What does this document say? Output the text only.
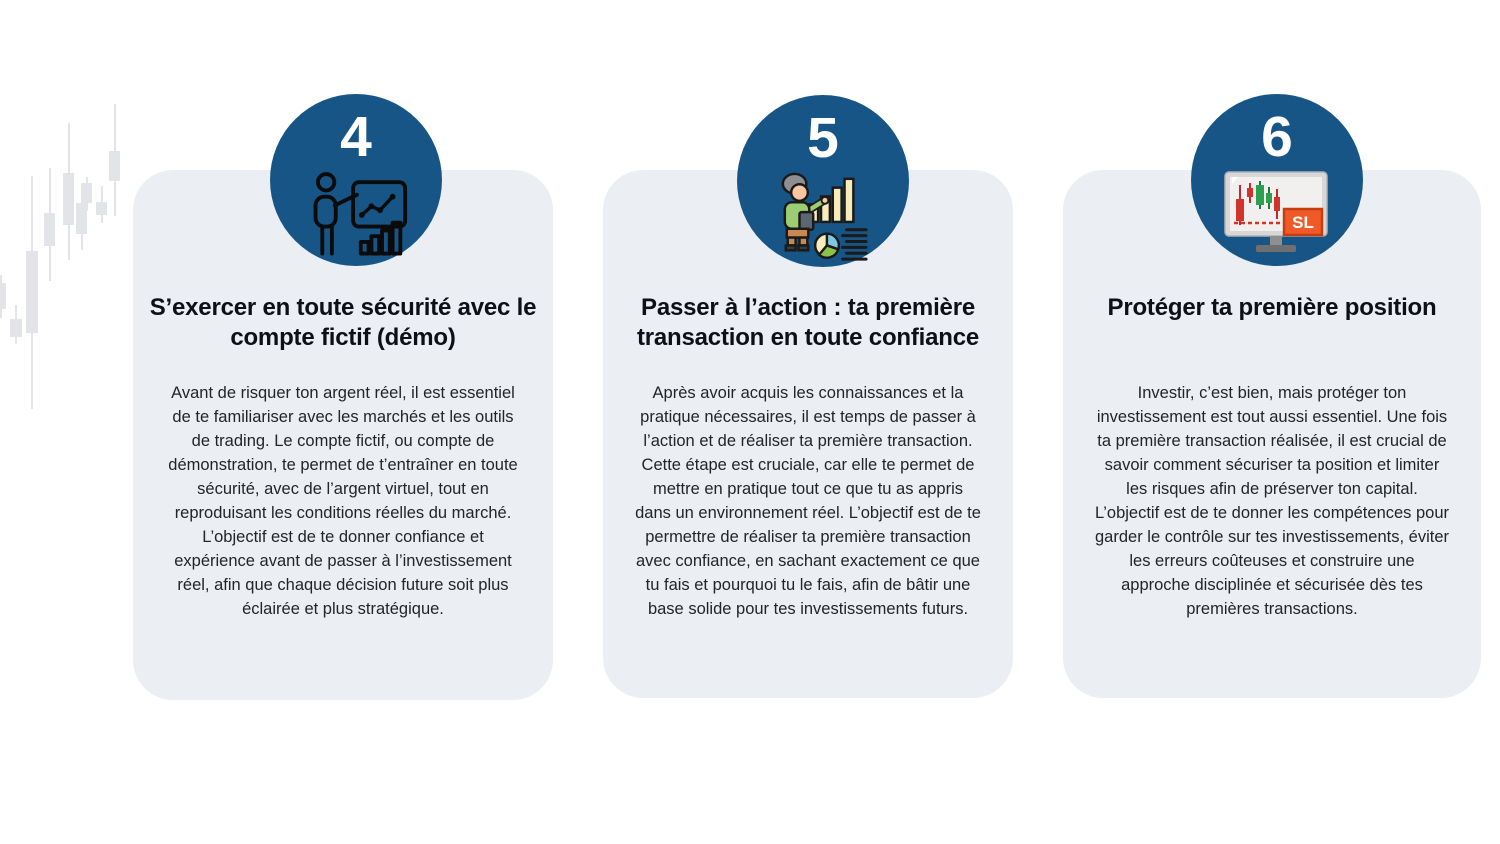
4
S’exercer en toute sécurité avec le compte fictif (démo)
Avant de risquer ton argent réel, il est essentiel de te familiariser avec les marchés et les outils de trading. Le compte fictif, ou compte de démonstration, te permet de t’entraîner en toute sécurité, avec de l’argent virtuel, tout en reproduisant les conditions réelles du marché. L’objectif est de te donner confiance et expérience avant de passer à l’investissement réel, afin que chaque décision future soit plus éclairée et plus stratégique.
5
Passer à l’action : ta première transaction en toute confiance
Après avoir acquis les connaissances et la pratique nécessaires, il est temps de passer à l’action et de réaliser ta première transaction. Cette étape est cruciale, car elle te permet de mettre en pratique tout ce que tu as appris dans un environnement réel. L’objectif est de te permettre de réaliser ta première transaction avec confiance, en sachant exactement ce que tu fais et pourquoi tu le fais, afin de bâtir une base solide pour tes investissements futurs.
6
SL
Protéger ta première position
Investir, c’est bien, mais protéger ton investissement est tout aussi essentiel. Une fois ta première transaction réalisée, il est crucial de savoir comment sécuriser ta position et limiter les risques afin de préserver ton capital. L’objectif est de te donner les compétences pour garder le contrôle sur tes investissements, éviter les erreurs coûteuses et construire une approche disciplinée et sécurisée dès tes premières transactions.
